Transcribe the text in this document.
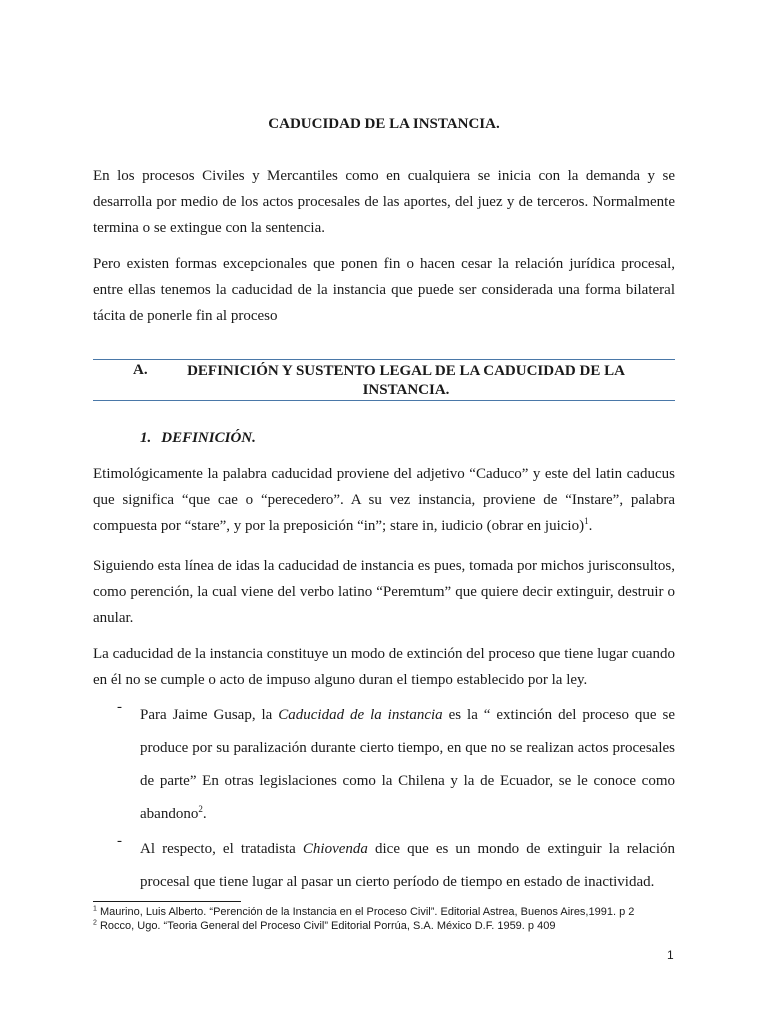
CADUCIDAD DE LA INSTANCIA.

En los procesos Civiles y Mercantiles como en cualquiera se inicia con la demanda y se desarrolla por medio de los actos procesales de las aportes, del juez y de terceros. Normalmente termina o se extingue con la sentencia.

Pero existen formas excepcionales que ponen fin o hacen cesar la relación jurídica procesal, entre ellas tenemos la caducidad de la instancia que puede ser considerada una forma bilateral tácita de ponerle fin al proceso

A.	DEFINICIÓN Y SUSTENTO LEGAL DE LA CADUCIDAD DE LA INSTANCIA.
1. DEFINICIÓN.

Etimológicamente la palabra caducidad proviene del adjetivo “Caduco” y este del latin caducus que significa “que cae o “perecedero”. A su vez instancia, proviene de “Instare”, palabra compuesta por “stare”, y por la preposición “in”; stare in, iudicio (obrar en juicio)$^1$.

Siguiendo esta línea de idas la caducidad de instancia es pues, tomada por michos jurisconsultos, como perención, la cual viene del verbo latino “Peremtum” que quiere decir extinguir, destruir o anular.

La caducidad de la instancia constituye un modo de extinción del proceso que tiene lugar cuando en él no se cumple o acto de impuso alguno duran el tiempo establecido por la ley.

- Para Jaime Gusap, la Caducidad de la instancia es la “ extinción del proceso que se produce por su paralización durante cierto tiempo, en que no se realizan actos procesales de parte” En otras legislaciones como la Chilena y la de Ecuador, se le conoce como abandono$^2$.
- Al respecto, el tratadista Chiovenda dice que es un mondo de extinguir la relación procesal que tiene lugar al pasar un cierto período de tiempo en estado de inactividad.
$^1$ Maurino, Luis Alberto. “Perención de la Instancia en el Proceso Civil”. Editorial Astrea, Buenos Aires,1991. p 2
$^2$ Rocco, Ugo. “Teoria General del Proceso Civil” Editorial Porrúa, S.A. México D.F. 1959. p 409
1
